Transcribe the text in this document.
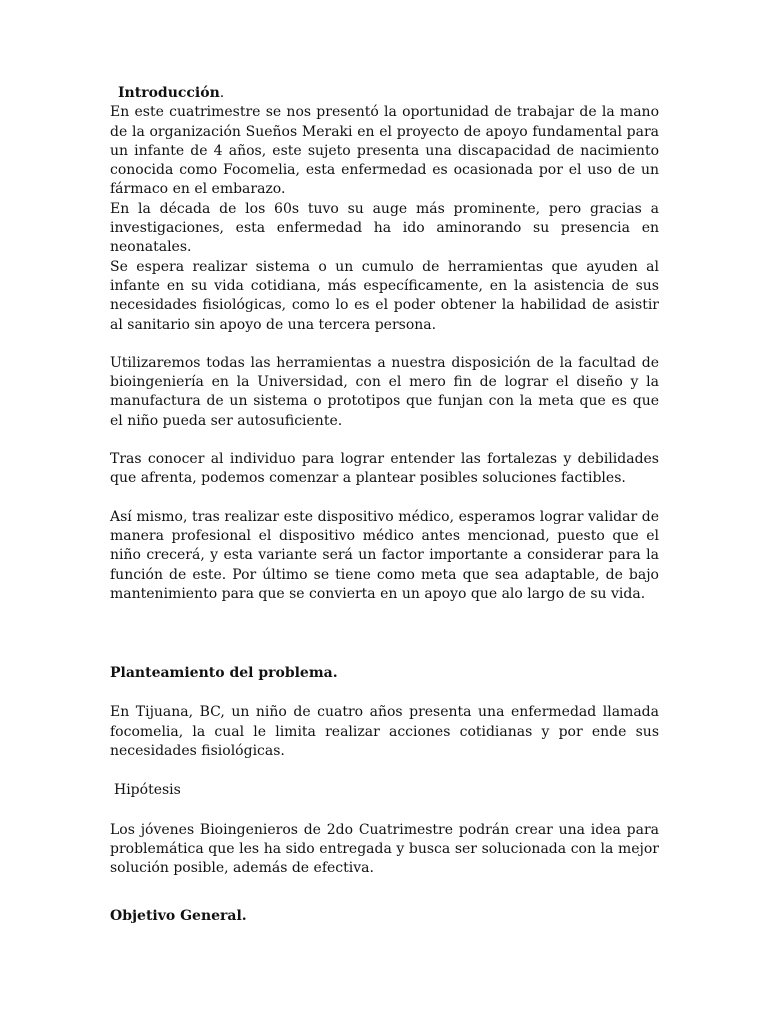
Introducción.

En este cuatrimestre se nos presentó la oportunidad de trabajar de la mano de la organización Sueños Meraki en el proyecto de apoyo fundamental para un infante de 4 años, este sujeto presenta una discapacidad de nacimiento conocida como Focomelia, esta enfermedad es ocasionada por el uso de un fármaco en el embarazo.

En la década de los 60s tuvo su auge más prominente, pero gracias a investigaciones, esta enfermedad ha ido aminorando su presencia en neonatales.

Se espera realizar sistema o un cumulo de herramientas que ayuden al infante en su vida cotidiana, más específicamente, en la asistencia de sus necesidades fisiológicas, como lo es el poder obtener la habilidad de asistir al sanitario sin apoyo de una tercera persona.

Utilizaremos todas las herramientas a nuestra disposición de la facultad de bioingeniería en la Universidad, con el mero fin de lograr el diseño y la manufactura de un sistema o prototipos que funjan con la meta que es que el niño pueda ser autosuficiente.

Tras conocer al individuo para lograr entender las fortalezas y debilidades que afrenta, podemos comenzar a plantear posibles soluciones factibles.

Así mismo, tras realizar este dispositivo médico, esperamos lograr validar de manera profesional el dispositivo médico antes mencionad, puesto que el niño crecerá, y esta variante será un factor importante a considerar para la función de este. Por último se tiene como meta que sea adaptable, de bajo mantenimiento para que se convierta en un apoyo que alo largo de su vida.

Planteamiento del problema.

En Tijuana, BC, un niño de cuatro años presenta una enfermedad llamada focomelia, la cual le limita realizar acciones cotidianas y por ende sus necesidades fisiológicas.

Hipótesis

Los jóvenes Bioingenieros de 2do Cuatrimestre podrán crear una idea para problemática que les ha sido entregada y busca ser solucionada con la mejor solución posible, además de efectiva.

Objetivo General.
